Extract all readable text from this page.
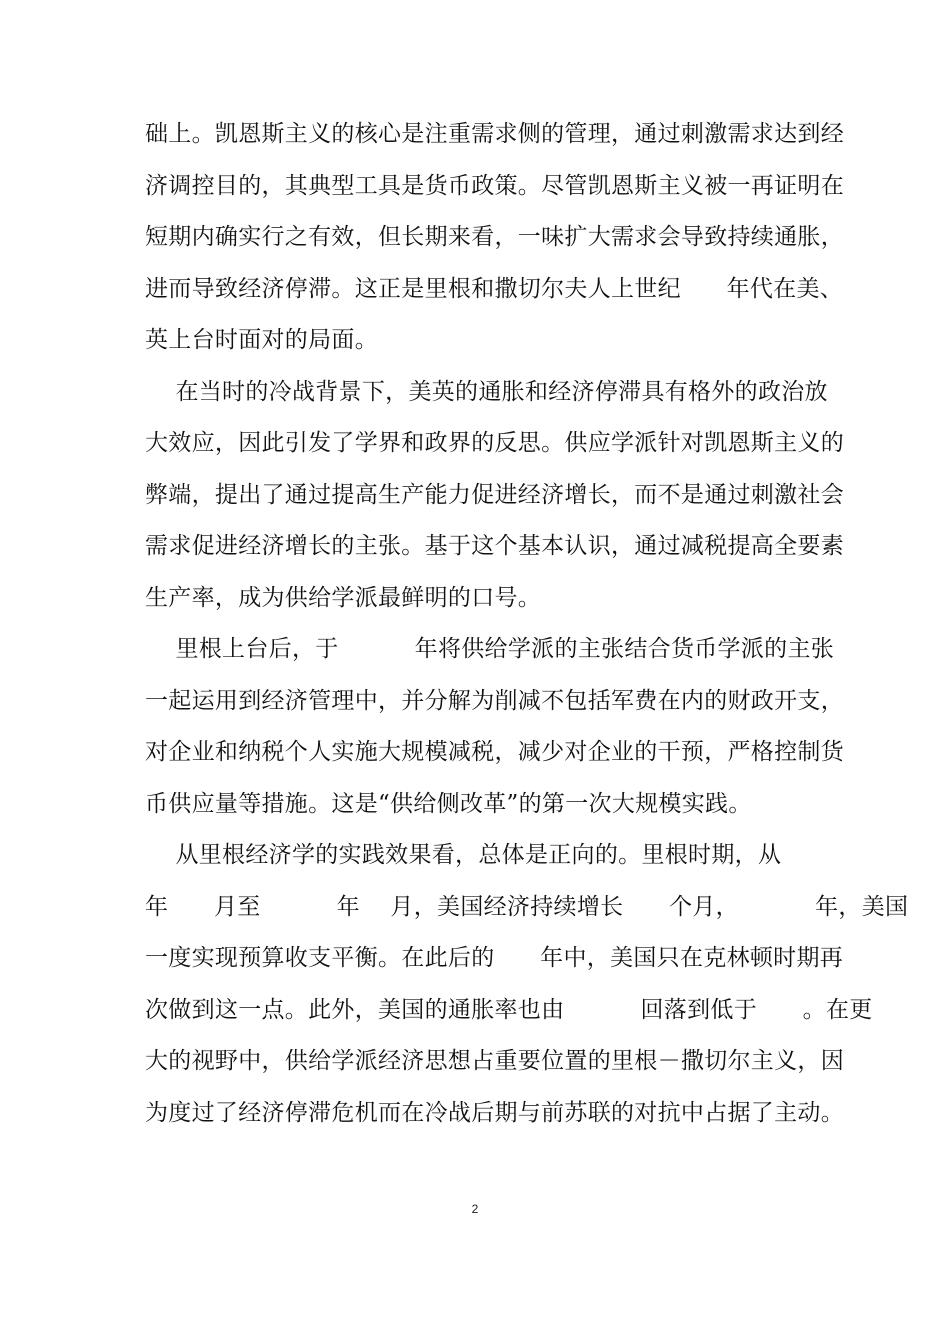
础上。凯恩斯主义的核心是注重需求侧的管理，通过刺激需求达到经
济调控目的，其典型工具是货币政策。尽管凯恩斯主义被一再证明在
短期内确实行之有效，但长期来看，一味扩大需求会导致持续通胀，
进而导致经济停滞。这正是里根和撒切尔夫人上世纪      年代在美、
英上台时面对的局面。
在当时的冷战背景下，美英的通胀和经济停滞具有格外的政治放
大效应，因此引发了学界和政界的反思。供应学派针对凯恩斯主义的
弊端，提出了通过提高生产能力促进经济增长，而不是通过刺激社会
需求促进经济增长的主张。基于这个基本认识，通过减税提高全要素
生产率，成为供给学派最鲜明的口号。
里根上台后，于          年将供给学派的主张结合货币学派的主张
一起运用到经济管理中，并分解为削减不包括军费在内的财政开支，
对企业和纳税个人实施大规模减税，减少对企业的干预，严格控制货
币供应量等措施。这是“供给侧改革”的第一次大规模实践。
从里根经济学的实践效果看，总体是正向的。里根时期，从
年      月至          年    月，美国经济持续增长      个月，          年，美国
一度实现预算收支平衡。在此后的      年中，美国只在克林顿时期再
次做到这一点。此外，美国的通胀率也由          回落到低于      。在更
大的视野中，供给学派经济思想占重要位置的里根－撒切尔主义，因
为度过了经济停滞危机而在冷战后期与前苏联的对抗中占据了主动。
2
